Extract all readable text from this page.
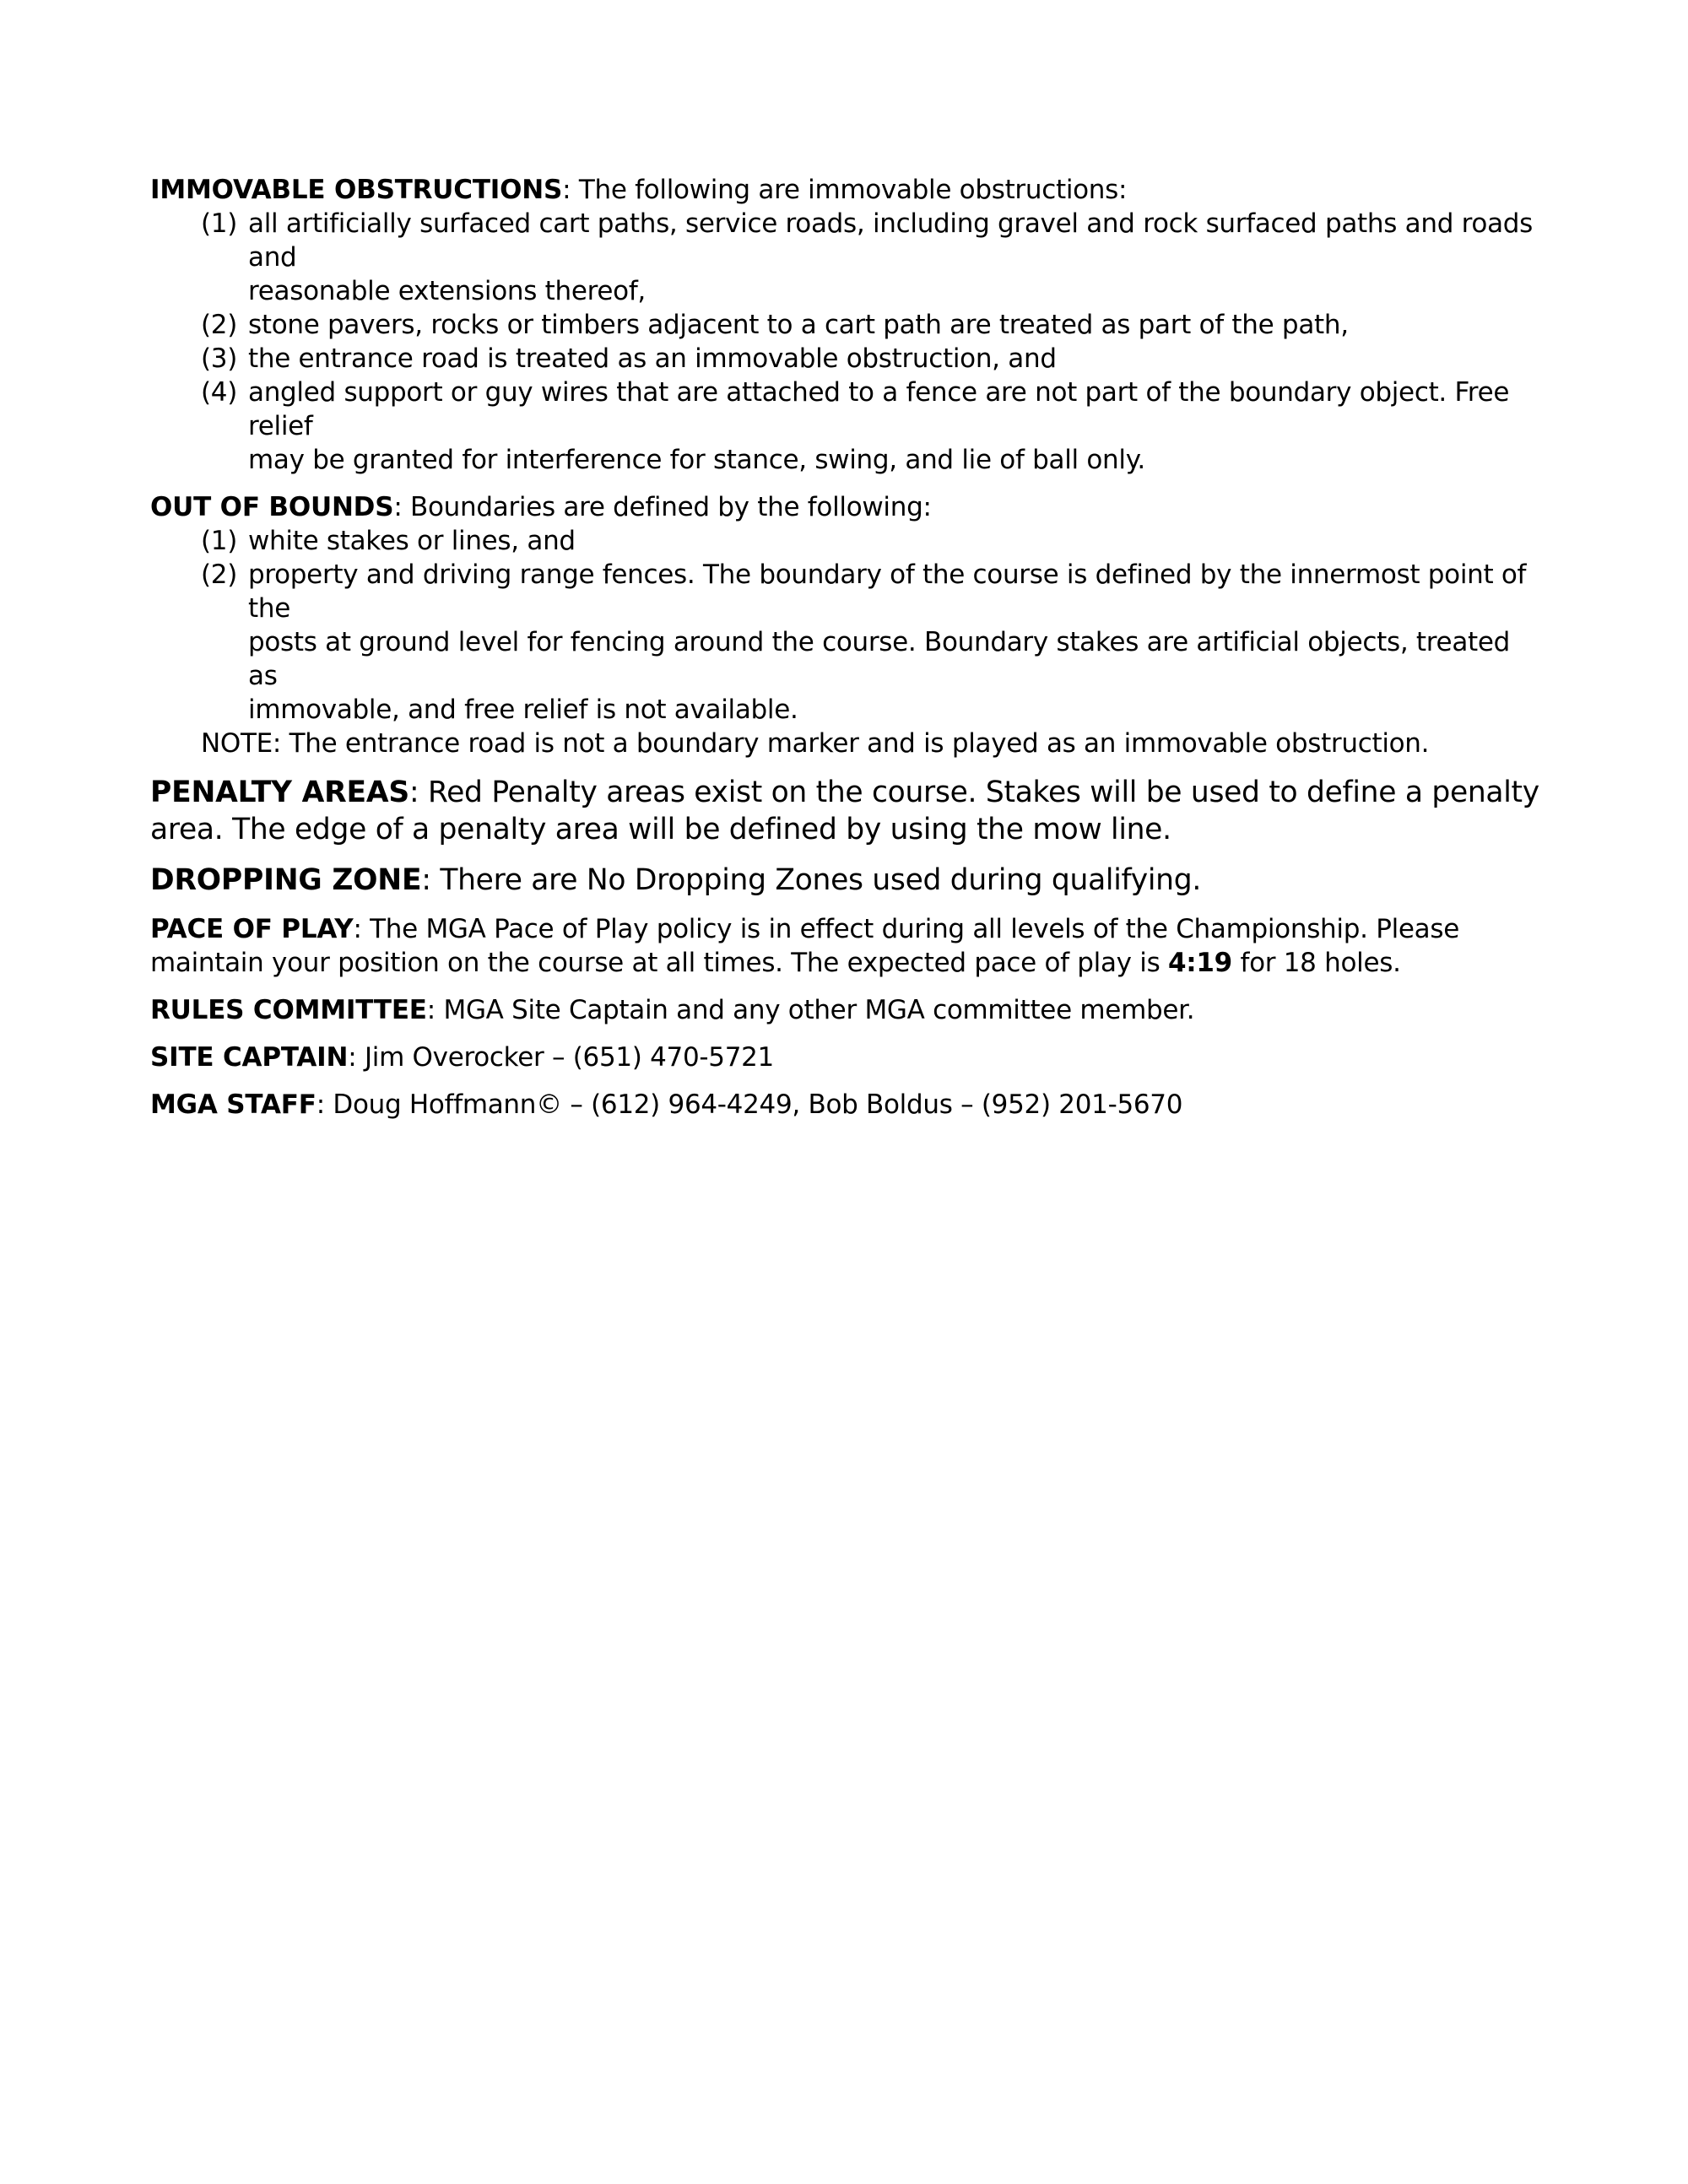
IMMOVABLE OBSTRUCTIONS: The following are immovable obstructions:
(1) all artificially surfaced cart paths, service roads, including gravel and rock surfaced paths and roads and
reasonable extensions thereof,
(2) stone pavers, rocks or timbers adjacent to a cart path are treated as part of the path,
(3) the entrance road is treated as an immovable obstruction, and
(4) angled support or guy wires that are attached to a fence are not part of the boundary object. Free relief
may be granted for interference for stance, swing, and lie of ball only.
OUT OF BOUNDS: Boundaries are defined by the following:
(1) white stakes or lines, and
(2) property and driving range fences. The boundary of the course is defined by the innermost point of the
posts at ground level for fencing around the course. Boundary stakes are artificial objects, treated as
immovable, and free relief is not available.
NOTE: The entrance road is not a boundary marker and is played as an immovable obstruction.
PENALTY AREAS: Red Penalty areas exist on the course. Stakes will be used to define a penalty
area. The edge of a penalty area will be defined by using the mow line.
DROPPING ZONE: There are No Dropping Zones used during qualifying.
PACE OF PLAY: The MGA Pace of Play policy is in effect during all levels of the Championship. Please
maintain your position on the course at all times. The expected pace of play is 4:19 for 18 holes.
RULES COMMITTEE: MGA Site Captain and any other MGA committee member.
SITE CAPTAIN: Jim Overocker – (651) 470-5721
MGA STAFF: Doug Hoffmann© – (612) 964-4249, Bob Boldus – (952) 201-5670
